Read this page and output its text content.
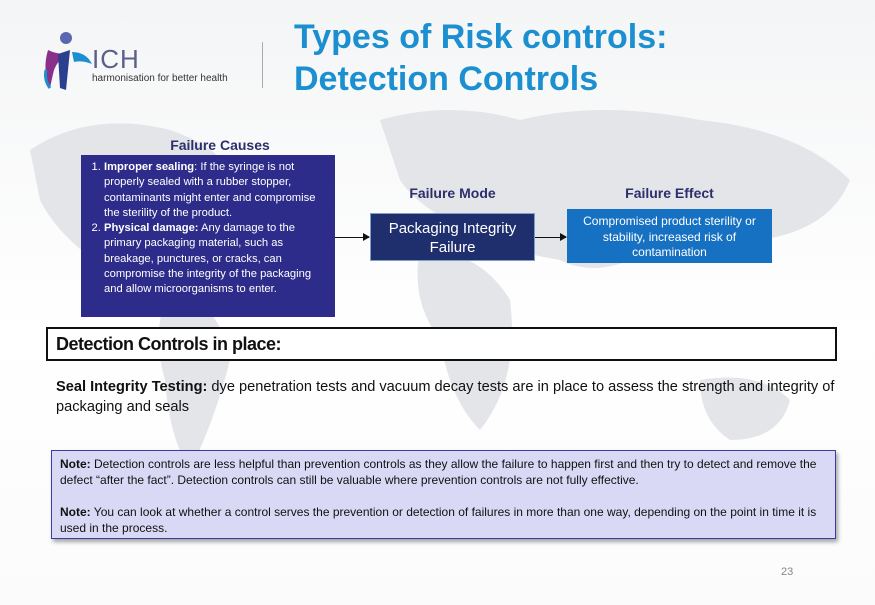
ICH
harmonisation for better health
Types of Risk controls:
Detection Controls
Failure Causes
Failure Mode	Failure Effect
1. Improper sealing: If the syringe is not properly sealed with a rubber stopper, contaminants might enter and compromise the sterility of the product.
2. Physical damage: Any damage to the primary packaging material, such as breakage, punctures, or cracks, can compromise the integrity of the packaging and allow microorganisms to enter.
Packaging Integrity Failure
Compromised product sterility or stability, increased risk of contamination
Detection Controls in place:
Seal Integrity Testing: dye penetration tests and vacuum decay tests are in place to assess the strength and integrity of packaging and seals

Note: Detection controls are less helpful than prevention controls as they allow the failure to happen first and then try to detect and remove the defect “after the fact”. Detection controls can still be valuable where prevention controls are not fully effective.

Note: You can look at whether a control serves the prevention or detection of failures in more than one way, depending on the point in time it is used in the process.

23
